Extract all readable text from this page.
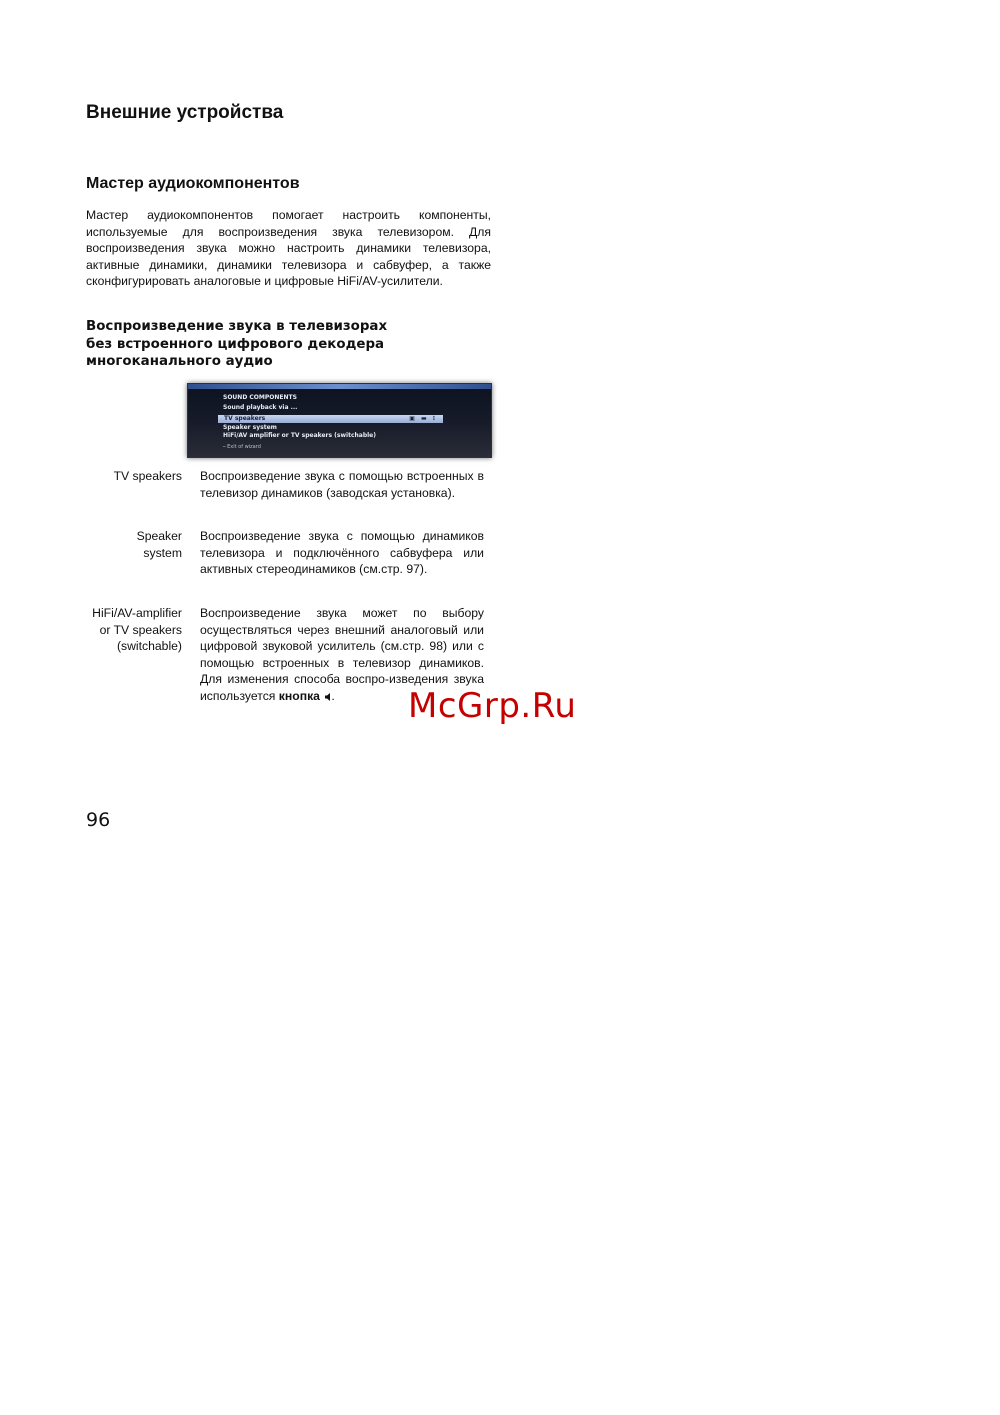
Внешние устройства
Мастер аудиокомпонентов
Мастер аудиокомпонентов помогает настроить компоненты, используемые для воспроизведения звука телевизором. Для воспроизведения звука можно настроить динамики телевизора, активные динамики, динамики телевизора и сабвуфер, а также сконфигурировать аналоговые и цифровые HiFi/AV-усилители.
Воспроизведение звука в телевизорах
без встроенного цифрового декодера
многоканального аудио
SOUND COMPONENTS
Sound playback via ...
TV speakers	▣ ▬ ⁝
Speaker system
HiFi/AV amplifier or TV speakers (switchable)
⎯ Exit of wizard
TV speakers Воспроизведение звука с помощью встроенных в телевизор динамиков (заводская установка).
Speaker system
Воспроизведение звука с помощью динамиков телевизора и подключённого сабвуфера или активных стереодинамиков (см.стр. 97).
HiFi/AV-amplifier or TV speakers (switchable)
Воспроизведение звука может по выбору осуществляться через внешний аналоговый или цифровой звуковой усилитель (см.стр. 98) или с помощью встроенных в телевизор динамиков. Для изменения способа воспро-изведения звука используется кнопка .	McGrp.Ru
96
